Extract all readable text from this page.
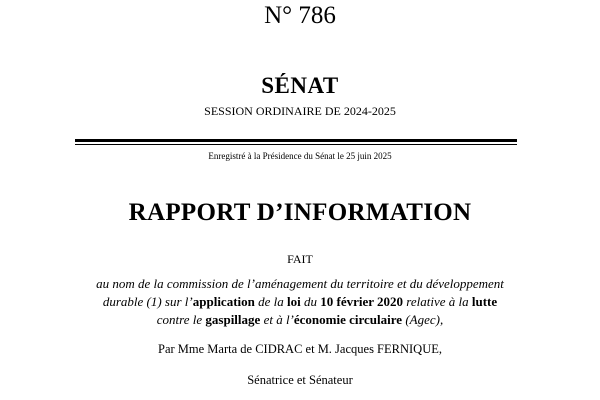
N° 786
SÉNAT
SESSION ORDINAIRE DE 2024-2025
Enregistré à la Présidence du Sénat le 25 juin 2025
RAPPORT D’INFORMATION
FAIT
au nom de la commission de l’aménagement du territoire et du développement
durable (1) sur l’application de la loi du 10 février 2020 relative à la lutte
contre le gaspillage et à l’économie circulaire (Agec),
Par Mme Marta de CIDRAC et M. Jacques FERNIQUE,
Sénatrice et Sénateur
